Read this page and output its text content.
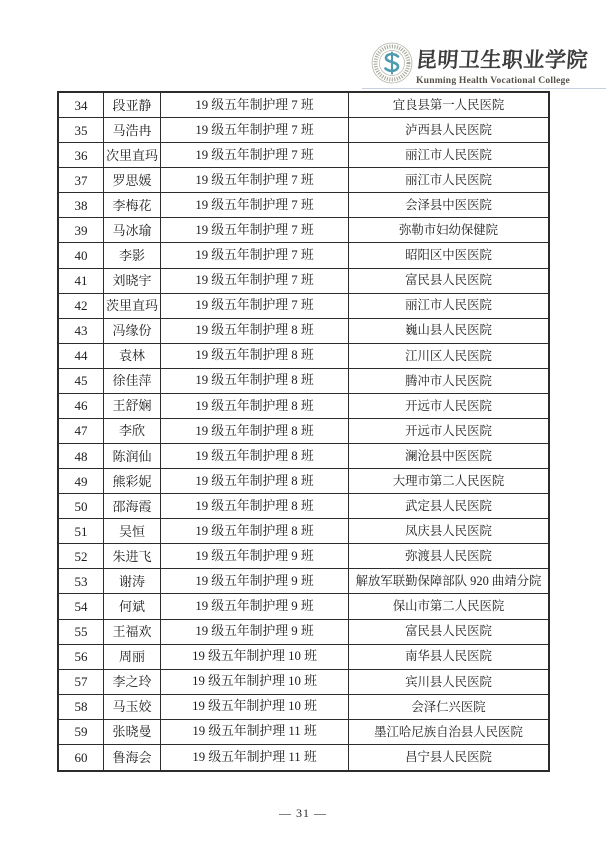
昆明卫生职业学院
Kunming Health Vocational College
34	段亚静	19 级五年制护理 7 班	宜良县第一人民医院
35	马浩冉	19 级五年制护理 7 班	泸西县人民医院
36	次里直玛	19 级五年制护理 7 班	丽江市人民医院
37	罗思媛	19 级五年制护理 7 班	丽江市人民医院
38	李梅花	19 级五年制护理 7 班	会泽县中医医院
39	马冰瑜	19 级五年制护理 7 班	弥勒市妇幼保健院
40	李影	19 级五年制护理 7 班	昭阳区中医医院
41	刘晓宇	19 级五年制护理 7 班	富民县人民医院
42	茨里直玛	19 级五年制护理 7 班	丽江市人民医院
43	冯缘份	19 级五年制护理 8 班	巍山县人民医院
44	袁林	19 级五年制护理 8 班	江川区人民医院
45	徐佳萍	19 级五年制护理 8 班	腾冲市人民医院
46	王舒娴	19 级五年制护理 8 班	开远市人民医院
47	李欣	19 级五年制护理 8 班	开远市人民医院
48	陈润仙	19 级五年制护理 8 班	澜沧县中医医院
49	熊彩妮	19 级五年制护理 8 班	大理市第二人民医院
50	邵海霞	19 级五年制护理 8 班	武定县人民医院
51	吴恒	19 级五年制护理 8 班	凤庆县人民医院
52	朱进飞	19 级五年制护理 9 班	弥渡县人民医院
53	谢涛	19 级五年制护理 9 班	解放军联勤保障部队 920 曲靖分院
54	何斌	19 级五年制护理 9 班	保山市第二人民医院
55	王福欢	19 级五年制护理 9 班	富民县人民医院
56	周丽	19 级五年制护理 10 班	南华县人民医院
57	李之玲	19 级五年制护理 10 班	宾川县人民医院
58	马玉姣	19 级五年制护理 10 班	会泽仁兴医院
59	张晓曼	19 级五年制护理 11 班	墨江哈尼族自治县人民医院
60	鲁海会	19 级五年制护理 11 班	昌宁县人民医院
— 31 —
